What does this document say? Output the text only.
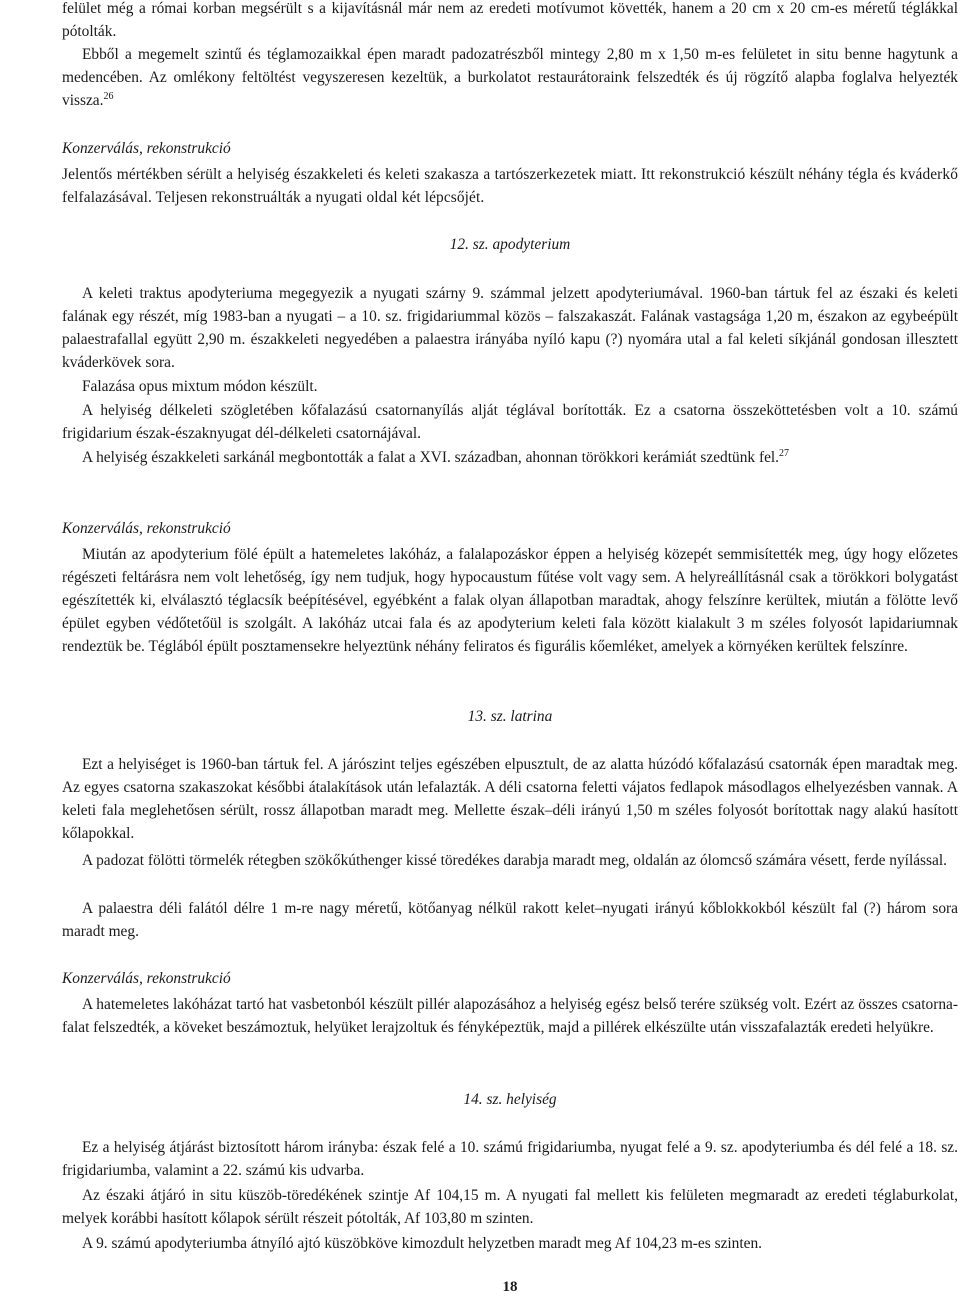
felület még a római korban megsérült s a kijavításnál már nem az eredeti motívumot követték, hanem a 20 cm x 20 cm-es méretű téglákkal pótolták.

Ebből a megemelt szintű és téglamozaikkal épen maradt padozatrészből mintegy 2,80 m x 1,50 m-es felületet in situ benne hagytunk a medencében. Az omlékony feltöltést vegyszeresen kezeltük, a burkolatot restaurátoraink felszedték és új rögzítő alapba foglalva helyezték vissza.$^{26}$

Konzerválás, rekonstrukció

Jelentős mértékben sérült a helyiség északkeleti és keleti szakasza a tartószerkezetek miatt. Itt rekonstrukció készült néhány tégla és kváderkő felfalazásával. Teljesen rekonstruálták a nyugati oldal két lépcsőjét.

12. sz. apodyterium

A keleti traktus apodyteriuma megegyezik a nyugati szárny 9. számmal jelzett apodyteriumával. 1960-ban tártuk fel az északi és keleti falának egy részét, míg 1983-ban a nyugati – a 10. sz. frigidariummal közös – falszakaszát. Falának vastagsága 1,20 m, északon az egybeépült palaestrafallal együtt 2,90 m. északkeleti negyedében a palaestra irányába nyíló kapu (?) nyomára utal a fal keleti síkjánál gondosan illesztett kváderkövek sora.

Falazása opus mixtum módon készült.

A helyiség délkeleti szögletében kőfalazású csatornanyílás alját téglával borították. Ez a csatorna összeköttetésben volt a 10. számú frigidarium észak-északnyugat dél-délkeleti csatornájával.

A helyiség északkeleti sarkánál megbontották a falat a XVI. században, ahonnan törökkori kerámiát szedtünk fel.$^{27}$

Konzerválás, rekonstrukció

Miután az apodyterium fölé épült a hatemeletes lakóház, a falalapozáskor éppen a helyiség közepét semmisítették meg, úgy hogy előzetes régészeti feltárásra nem volt lehetőség, így nem tudjuk, hogy hypocaustum fűtése volt vagy sem. A helyreállításnál csak a törökkori bolygatást egészítették ki, elválasztó téglacsík beépítésével, egyébként a falak olyan állapotban maradtak, ahogy felszínre kerültek, miután a fölötte levő épület egyben védőtetőül is szolgált. A lakóház utcai fala és az apodyterium keleti fala között kialakult 3 m széles folyosót lapidariumnak rendeztük be. Téglából épült posztamensekre helyeztünk néhány feliratos és figurális kőemléket, amelyek a környéken kerültek felszínre.

13. sz. latrina

Ezt a helyiséget is 1960-ban tártuk fel. A járószint teljes egészében elpusztult, de az alatta húzódó kőfalazású csatornák épen maradtak meg. Az egyes csatorna szakaszokat későbbi átalakítások után lefalazták. A déli csatorna feletti vájatos fedlapok másodlagos elhelyezésben vannak. A keleti fala meglehetősen sérült, rossz állapotban maradt meg. Mellette észak–déli irányú 1,50 m széles folyosót borítottak nagy alakú hasított kőlapokkal.

A padozat fölötti törmelék rétegben szökőkúthenger kissé töredékes darabja maradt meg, oldalán az ólomcső számára vésett, ferde nyílással.

A palaestra déli falától délre 1 m-re nagy méretű, kötőanyag nélkül rakott kelet–nyugati irányú kőblokkokból készült fal (?) három sora maradt meg.

Konzerválás, rekonstrukció

A hatemeletes lakóházat tartó hat vasbetonból készült pillér alapozásához a helyiség egész belső terére szükség volt. Ezért az összes csatorna-falat felszedték, a köveket beszámoztuk, helyüket lerajzoltuk és fényképeztük, majd a pillérek elkészülte után visszafalazták eredeti helyükre.

14. sz. helyiség

Ez a helyiség átjárást biztosított három irányba: észak felé a 10. számú frigidariumba, nyugat felé a 9. sz. apodyteriumba és dél felé a 18. sz. frigidariumba, valamint a 22. számú kis udvarba.

Az északi átjáró in situ küszöb-töredékének szintje Af 104,15 m. A nyugati fal mellett kis felületen megmaradt az eredeti téglaburkolat, melyek korábbi hasított kőlapok sérült részeit pótolták, Af 103,80 m szinten.

A 9. számú apodyteriumba átnyíló ajtó küszöbköve kimozdult helyzetben maradt meg Af 104,23 m-es szinten.

18
